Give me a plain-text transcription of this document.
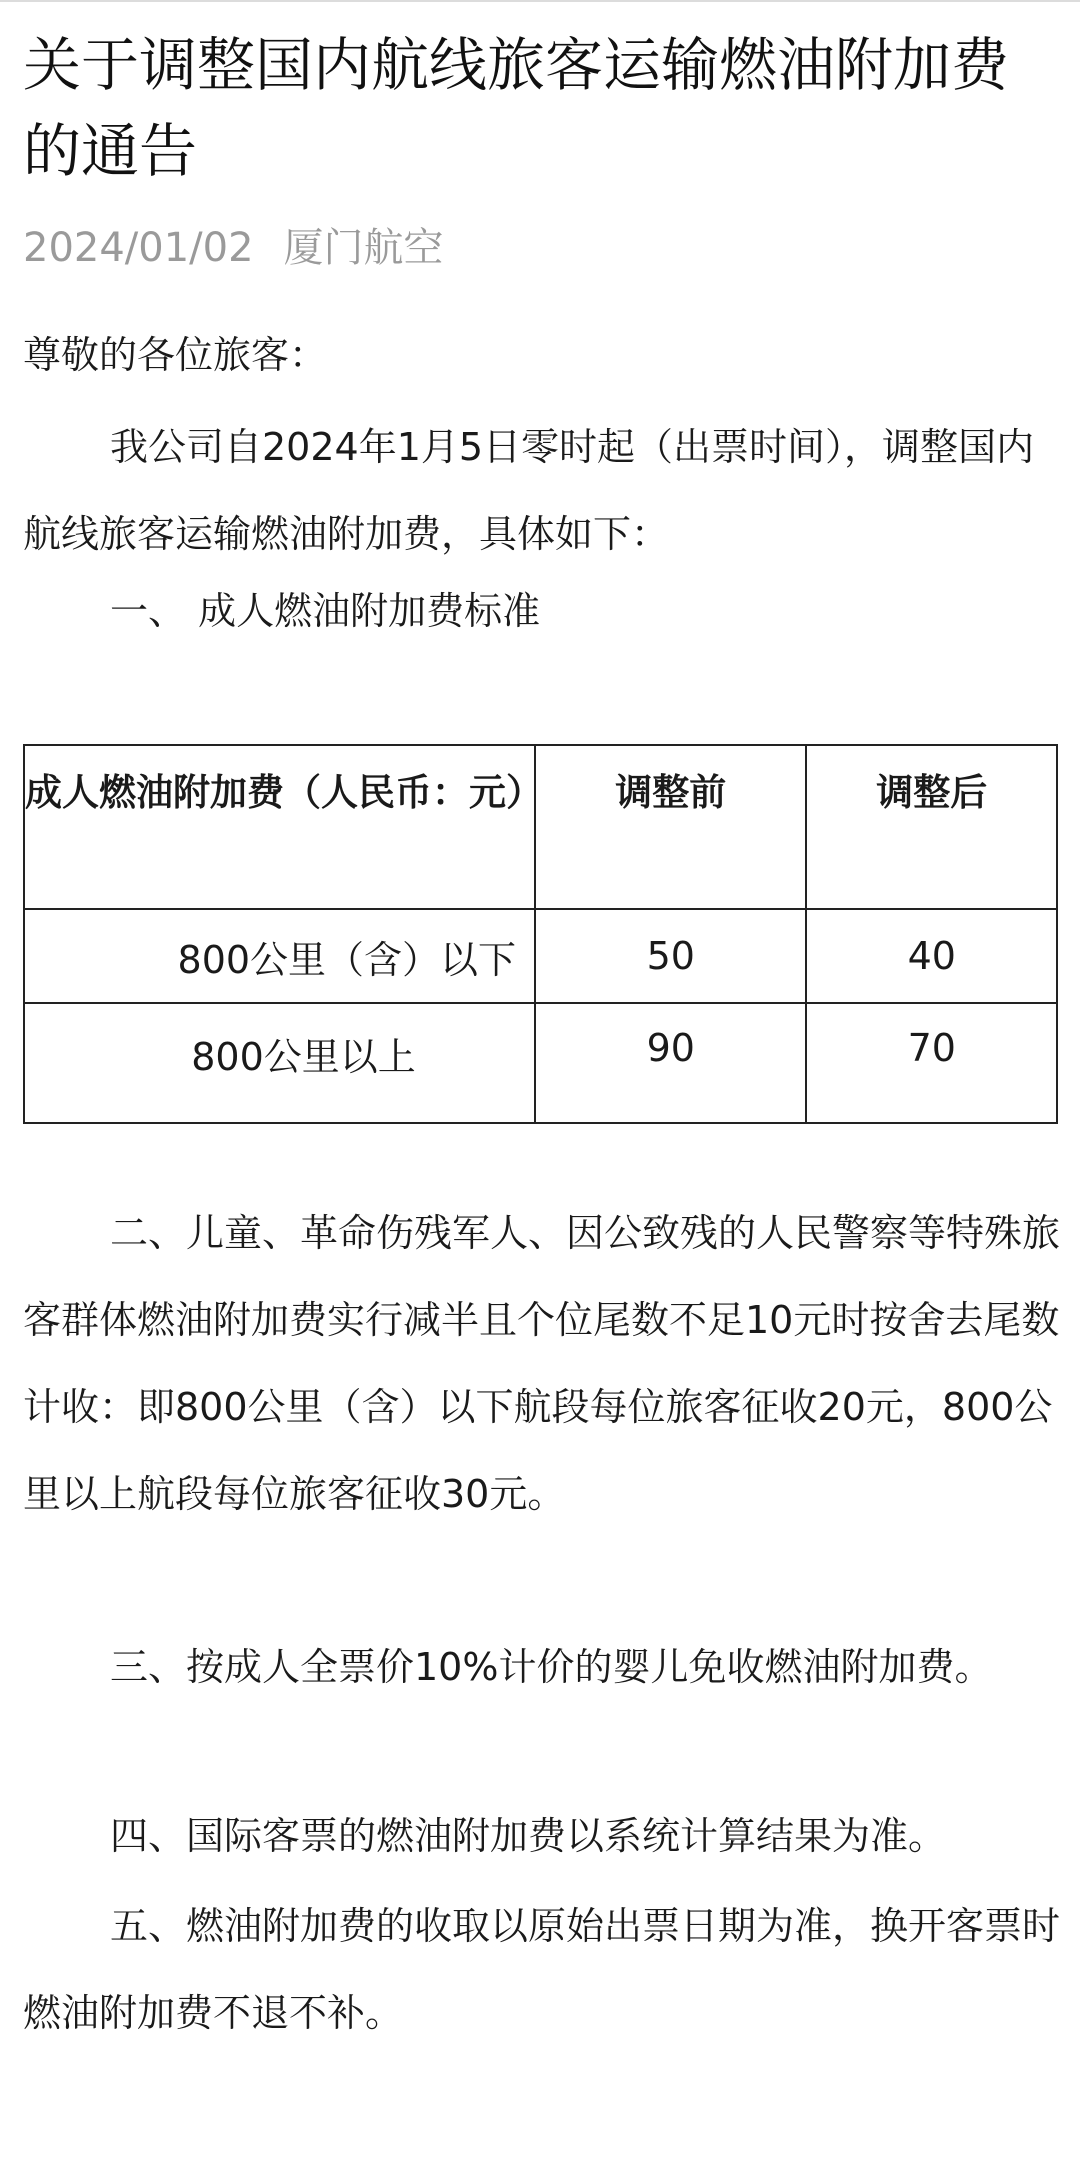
关于调整国内航线旅客运输燃油附加费的通告
2024/01/02 厦门航空

尊敬的各位旅客：

我公司自2024年1月5日零时起（出票时间），调整国内航线旅客运输燃油附加费，具体如下：

一、 成人燃油附加费标准

成人燃油附加费（人民币：元）	调整前	调整后
800公里（含）以下	50	40
800公里以上	90	70

二、儿童、革命伤残军人、因公致残的人民警察等特殊旅客群体燃油附加费实行减半且个位尾数不足10元时按舍去尾数计收：即800公里（含）以下航段每位旅客征收20元，800公里以上航段每位旅客征收30元。

三、按成人全票价10%计价的婴儿免收燃油附加费。

四、国际客票的燃油附加费以系统计算结果为准。

五、燃油附加费的收取以原始出票日期为准，换开客票时燃油附加费不退不补。
